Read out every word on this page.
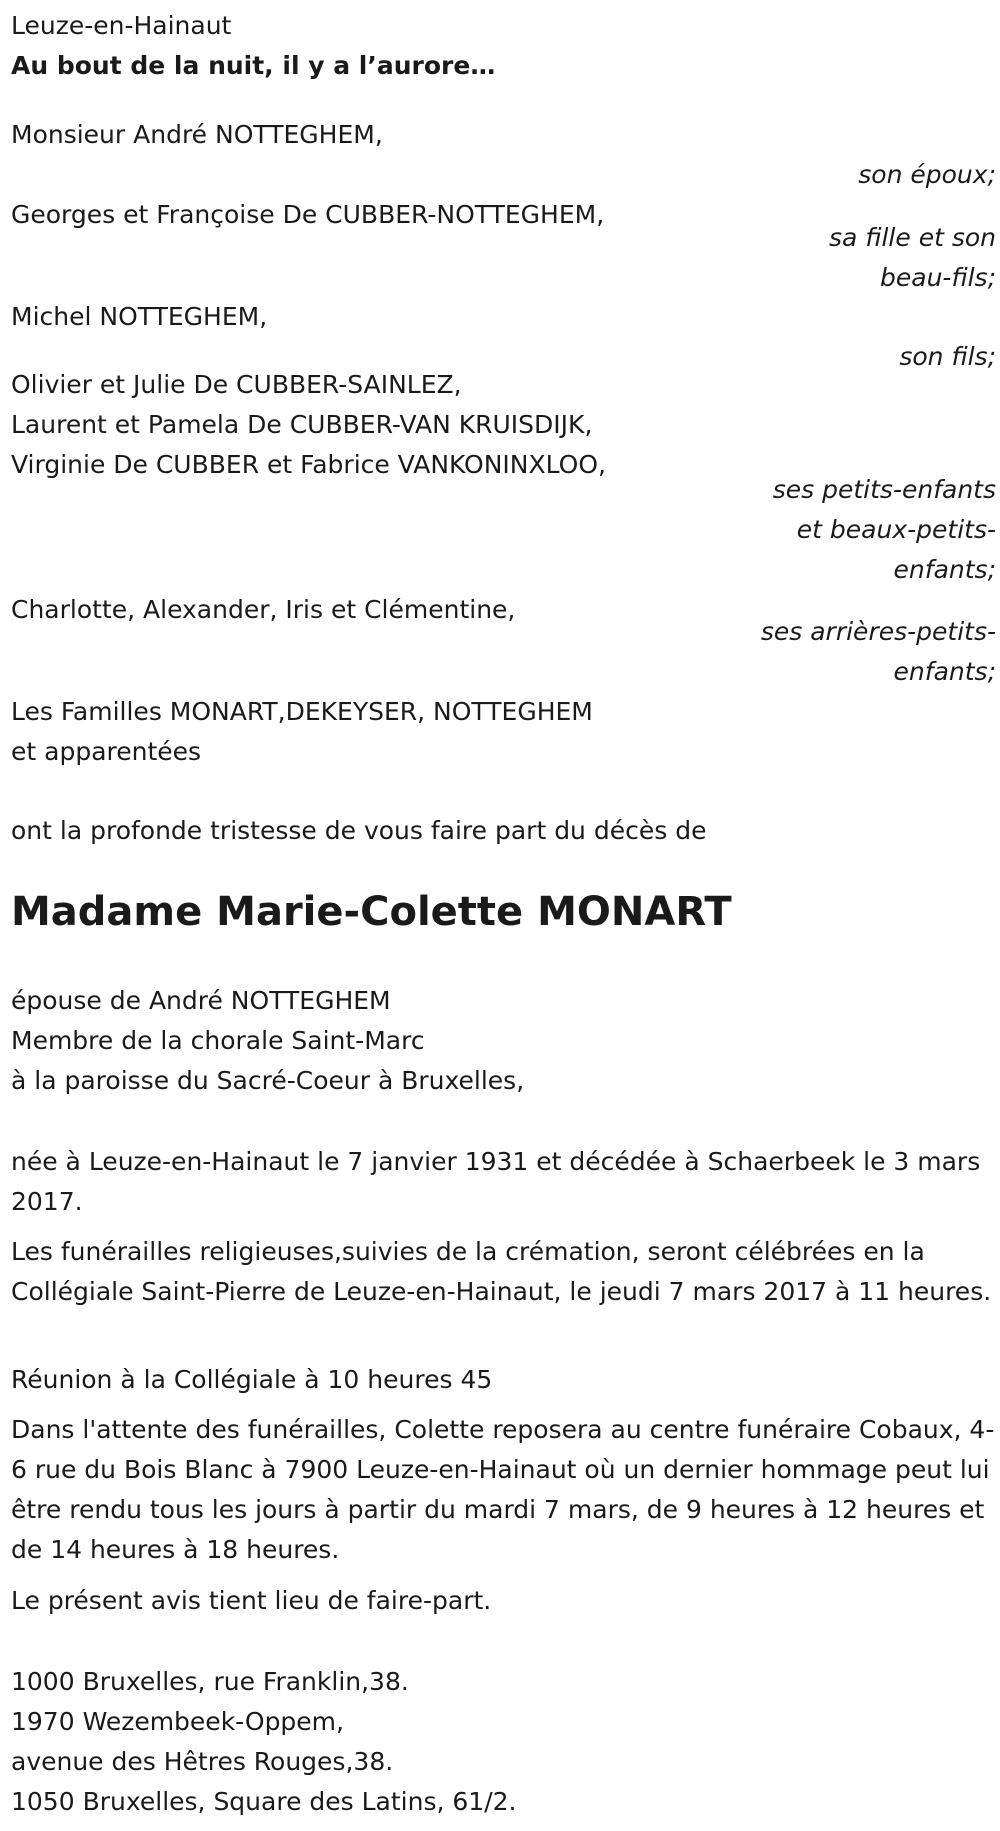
Leuze-en-Hainaut
Au bout de la nuit, il y a l’aurore…
Monsieur André NOTTEGHEM,
son époux;
Georges et Françoise De CUBBER-NOTTEGHEM,
sa fille et son
beau-fils;
Michel NOTTEGHEM,
son fils;
Olivier et Julie De CUBBER-SAINLEZ,
Laurent et Pamela De CUBBER-VAN KRUISDIJK,
Virginie De CUBBER et Fabrice VANKONINXLOO,
ses petits-enfants
et beaux-petits-
enfants;
Charlotte, Alexander, Iris et Clémentine,
ses arrières-petits-
enfants;
Les Familles MONART,DEKEYSER, NOTTEGHEM
et apparentées
ont la profonde tristesse de vous faire part du décès de
Madame Marie-Colette MONART
épouse de André NOTTEGHEM
Membre de la chorale Saint-Marc
à la paroisse du Sacré-Coeur à Bruxelles,
née à Leuze-en-Hainaut le 7 janvier 1931 et décédée à Schaerbeek le 3 mars 2017.
Les funérailles religieuses,suivies de la crémation, seront célébrées en la Collégiale Saint-Pierre de Leuze-en-Hainaut, le jeudi 7 mars 2017 à 11 heures.
Réunion à la Collégiale à 10 heures 45
Dans l'attente des funérailles, Colette reposera au centre funéraire Cobaux, 4-6 rue du Bois Blanc à 7900 Leuze-en-Hainaut où un dernier hommage peut lui être rendu tous les jours à partir du mardi 7 mars, de 9 heures à 12 heures et de 14 heures à 18 heures.
Le présent avis tient lieu de faire-part.
1000 Bruxelles, rue Franklin,38.
1970 Wezembeek-Oppem,
avenue des Hêtres Rouges,38.
1050 Bruxelles, Square des Latins, 61/2.
